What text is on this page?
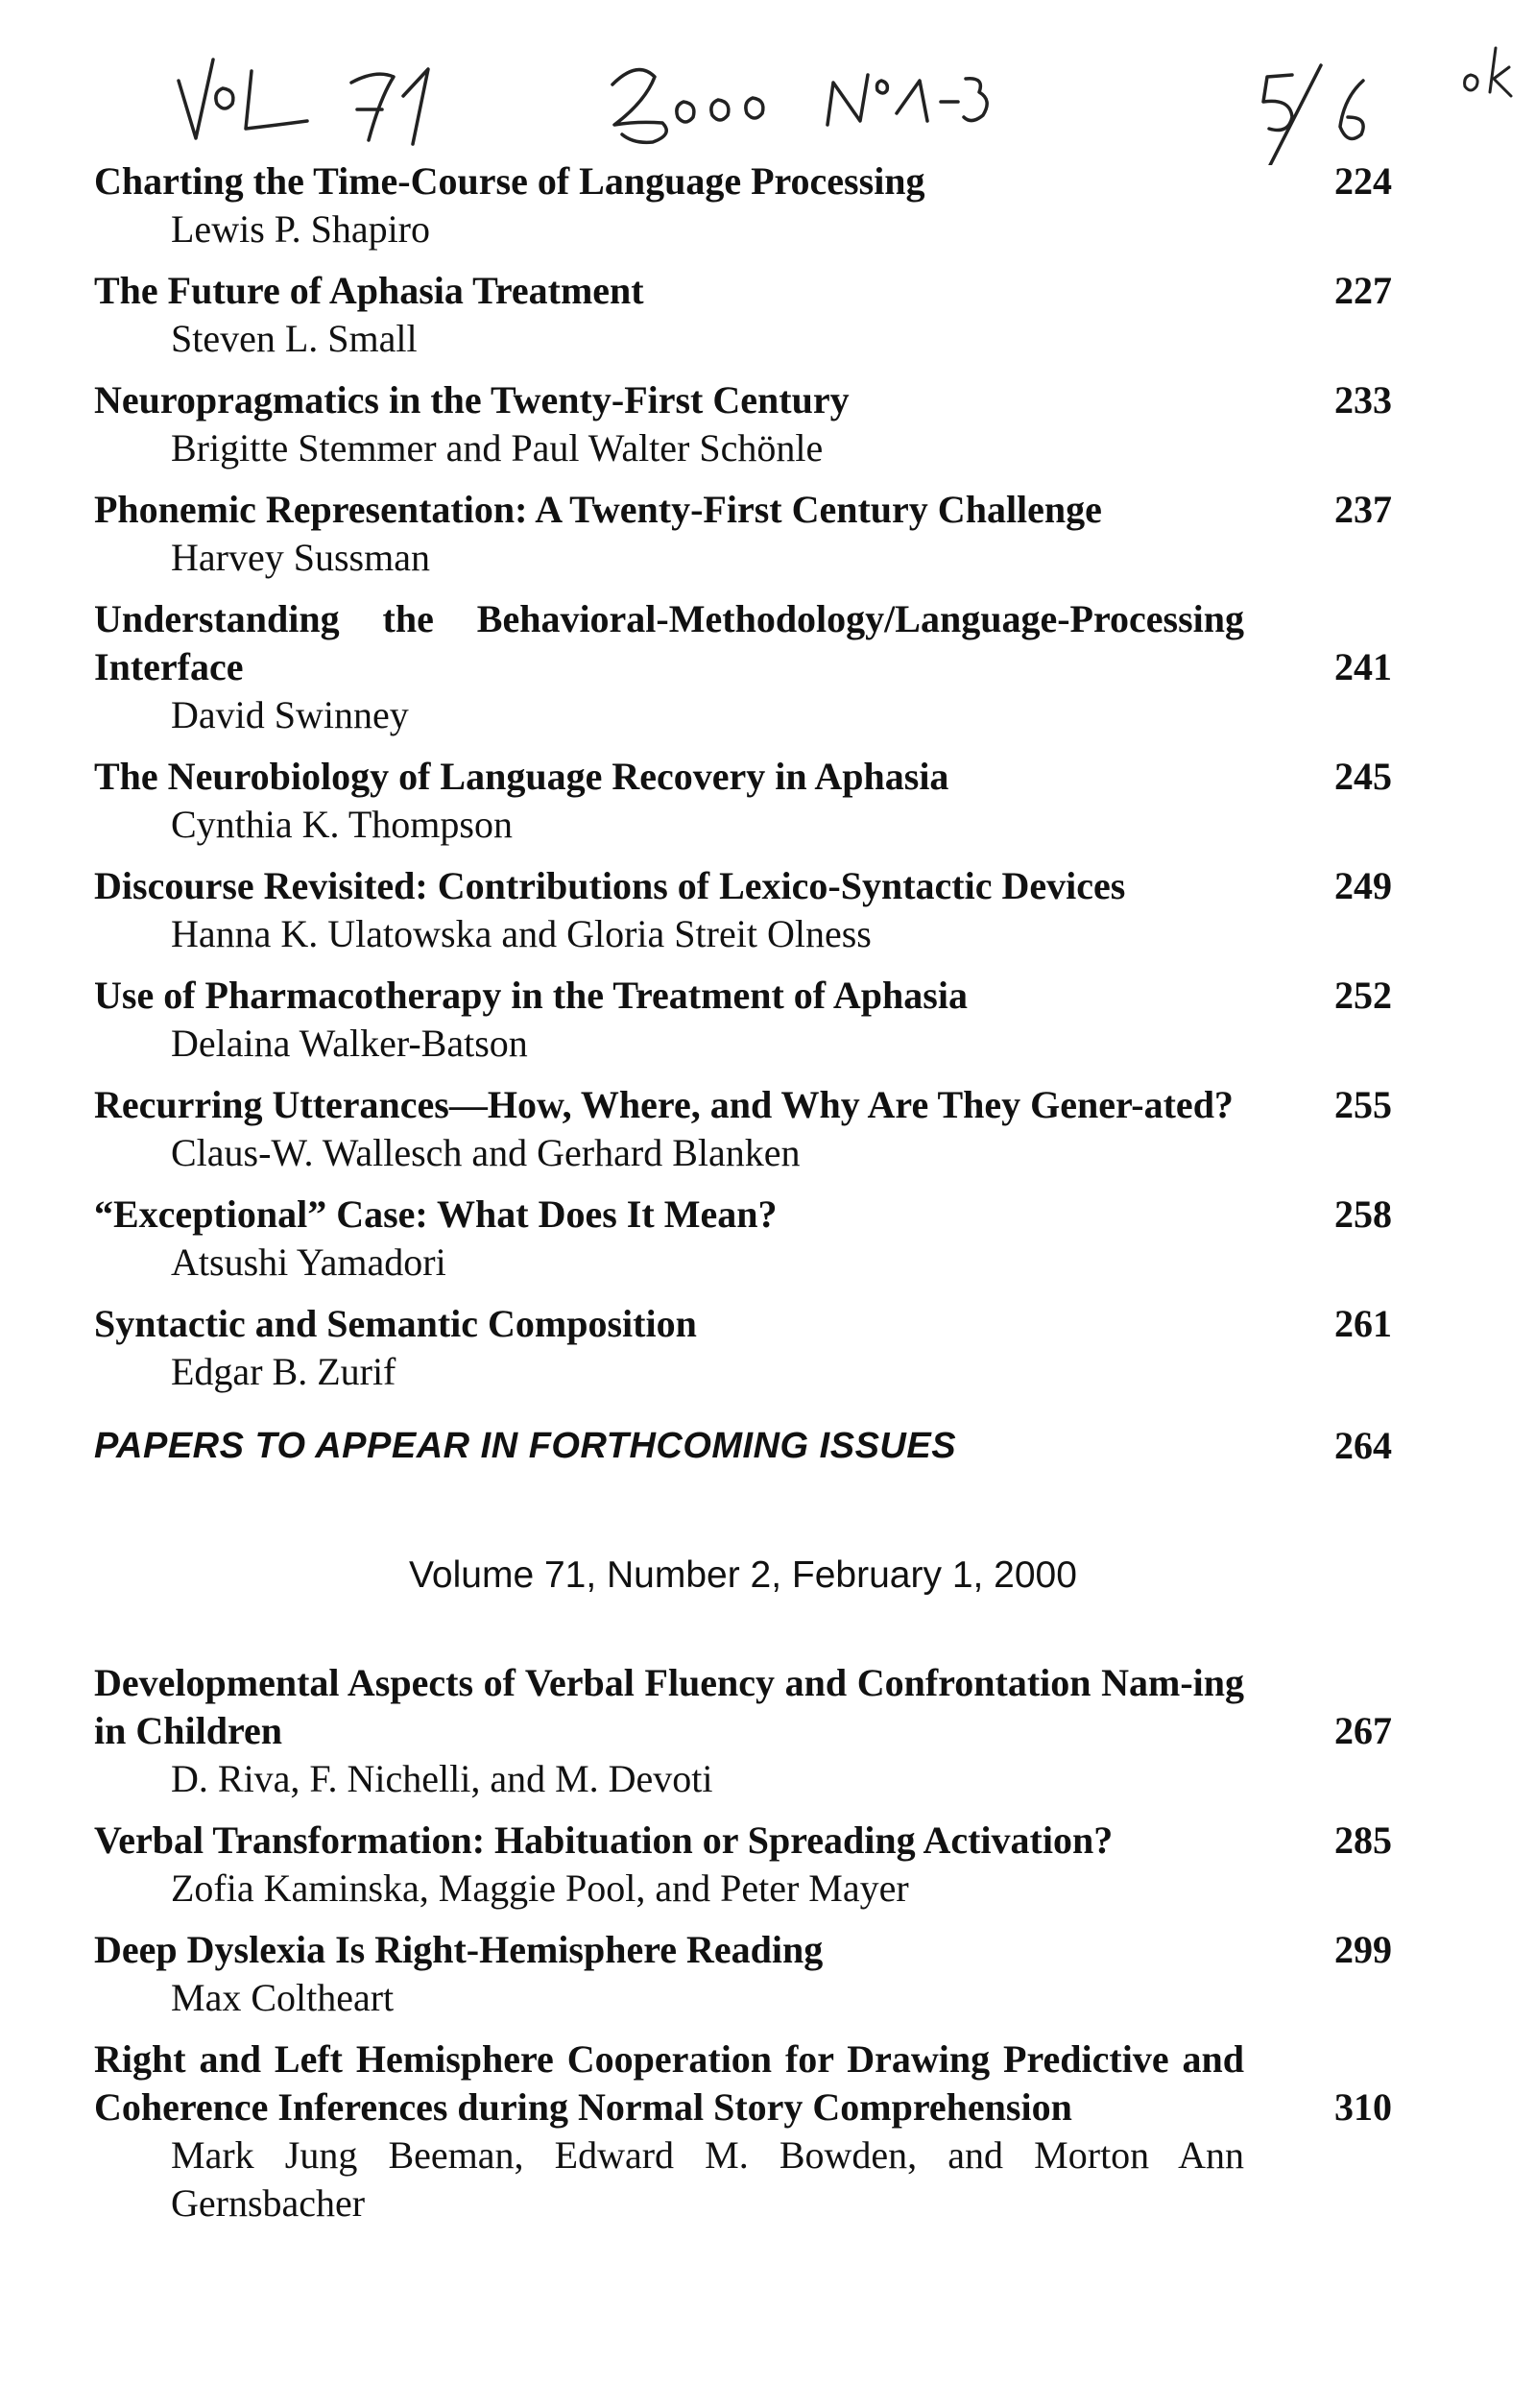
Charting the Time-Course of Language Processing	224
Lewis P. Shapiro
The Future of Aphasia Treatment	227
Steven L. Small
Neuropragmatics in the Twenty-First Century	233
Brigitte Stemmer and Paul Walter Schönle
Phonemic Representation: A Twenty-First Century Challenge	237
Harvey Sussman
Understanding the Behavioral-Methodology/Language-Processing Interface	241
David Swinney
The Neurobiology of Language Recovery in Aphasia	245
Cynthia K. Thompson
Discourse Revisited: Contributions of Lexico-Syntactic Devices	249
Hanna K. Ulatowska and Gloria Streit Olness
Use of Pharmacotherapy in the Treatment of Aphasia	252
Delaina Walker-Batson
Recurring Utterances—How, Where, and Why Are They Gener-ated?	255
Claus-W. Wallesch and Gerhard Blanken
“Exceptional” Case: What Does It Mean?	258
Atsushi Yamadori
Syntactic and Semantic Composition	261
Edgar B. Zurif
PAPERS TO APPEAR IN FORTHCOMING ISSUES	264
Volume 71, Number 2, February 1, 2000
Developmental Aspects of Verbal Fluency and Confrontation Nam-ing in Children	267
D. Riva, F. Nichelli, and M. Devoti
Verbal Transformation: Habituation or Spreading Activation?	285
Zofia Kaminska, Maggie Pool, and Peter Mayer
Deep Dyslexia Is Right-Hemisphere Reading	299
Max Coltheart
Right and Left Hemisphere Cooperation for Drawing Predictive and Coherence Inferences during Normal Story Comprehension	310
Mark Jung Beeman, Edward M. Bowden, and Morton Ann Gernsbacher
